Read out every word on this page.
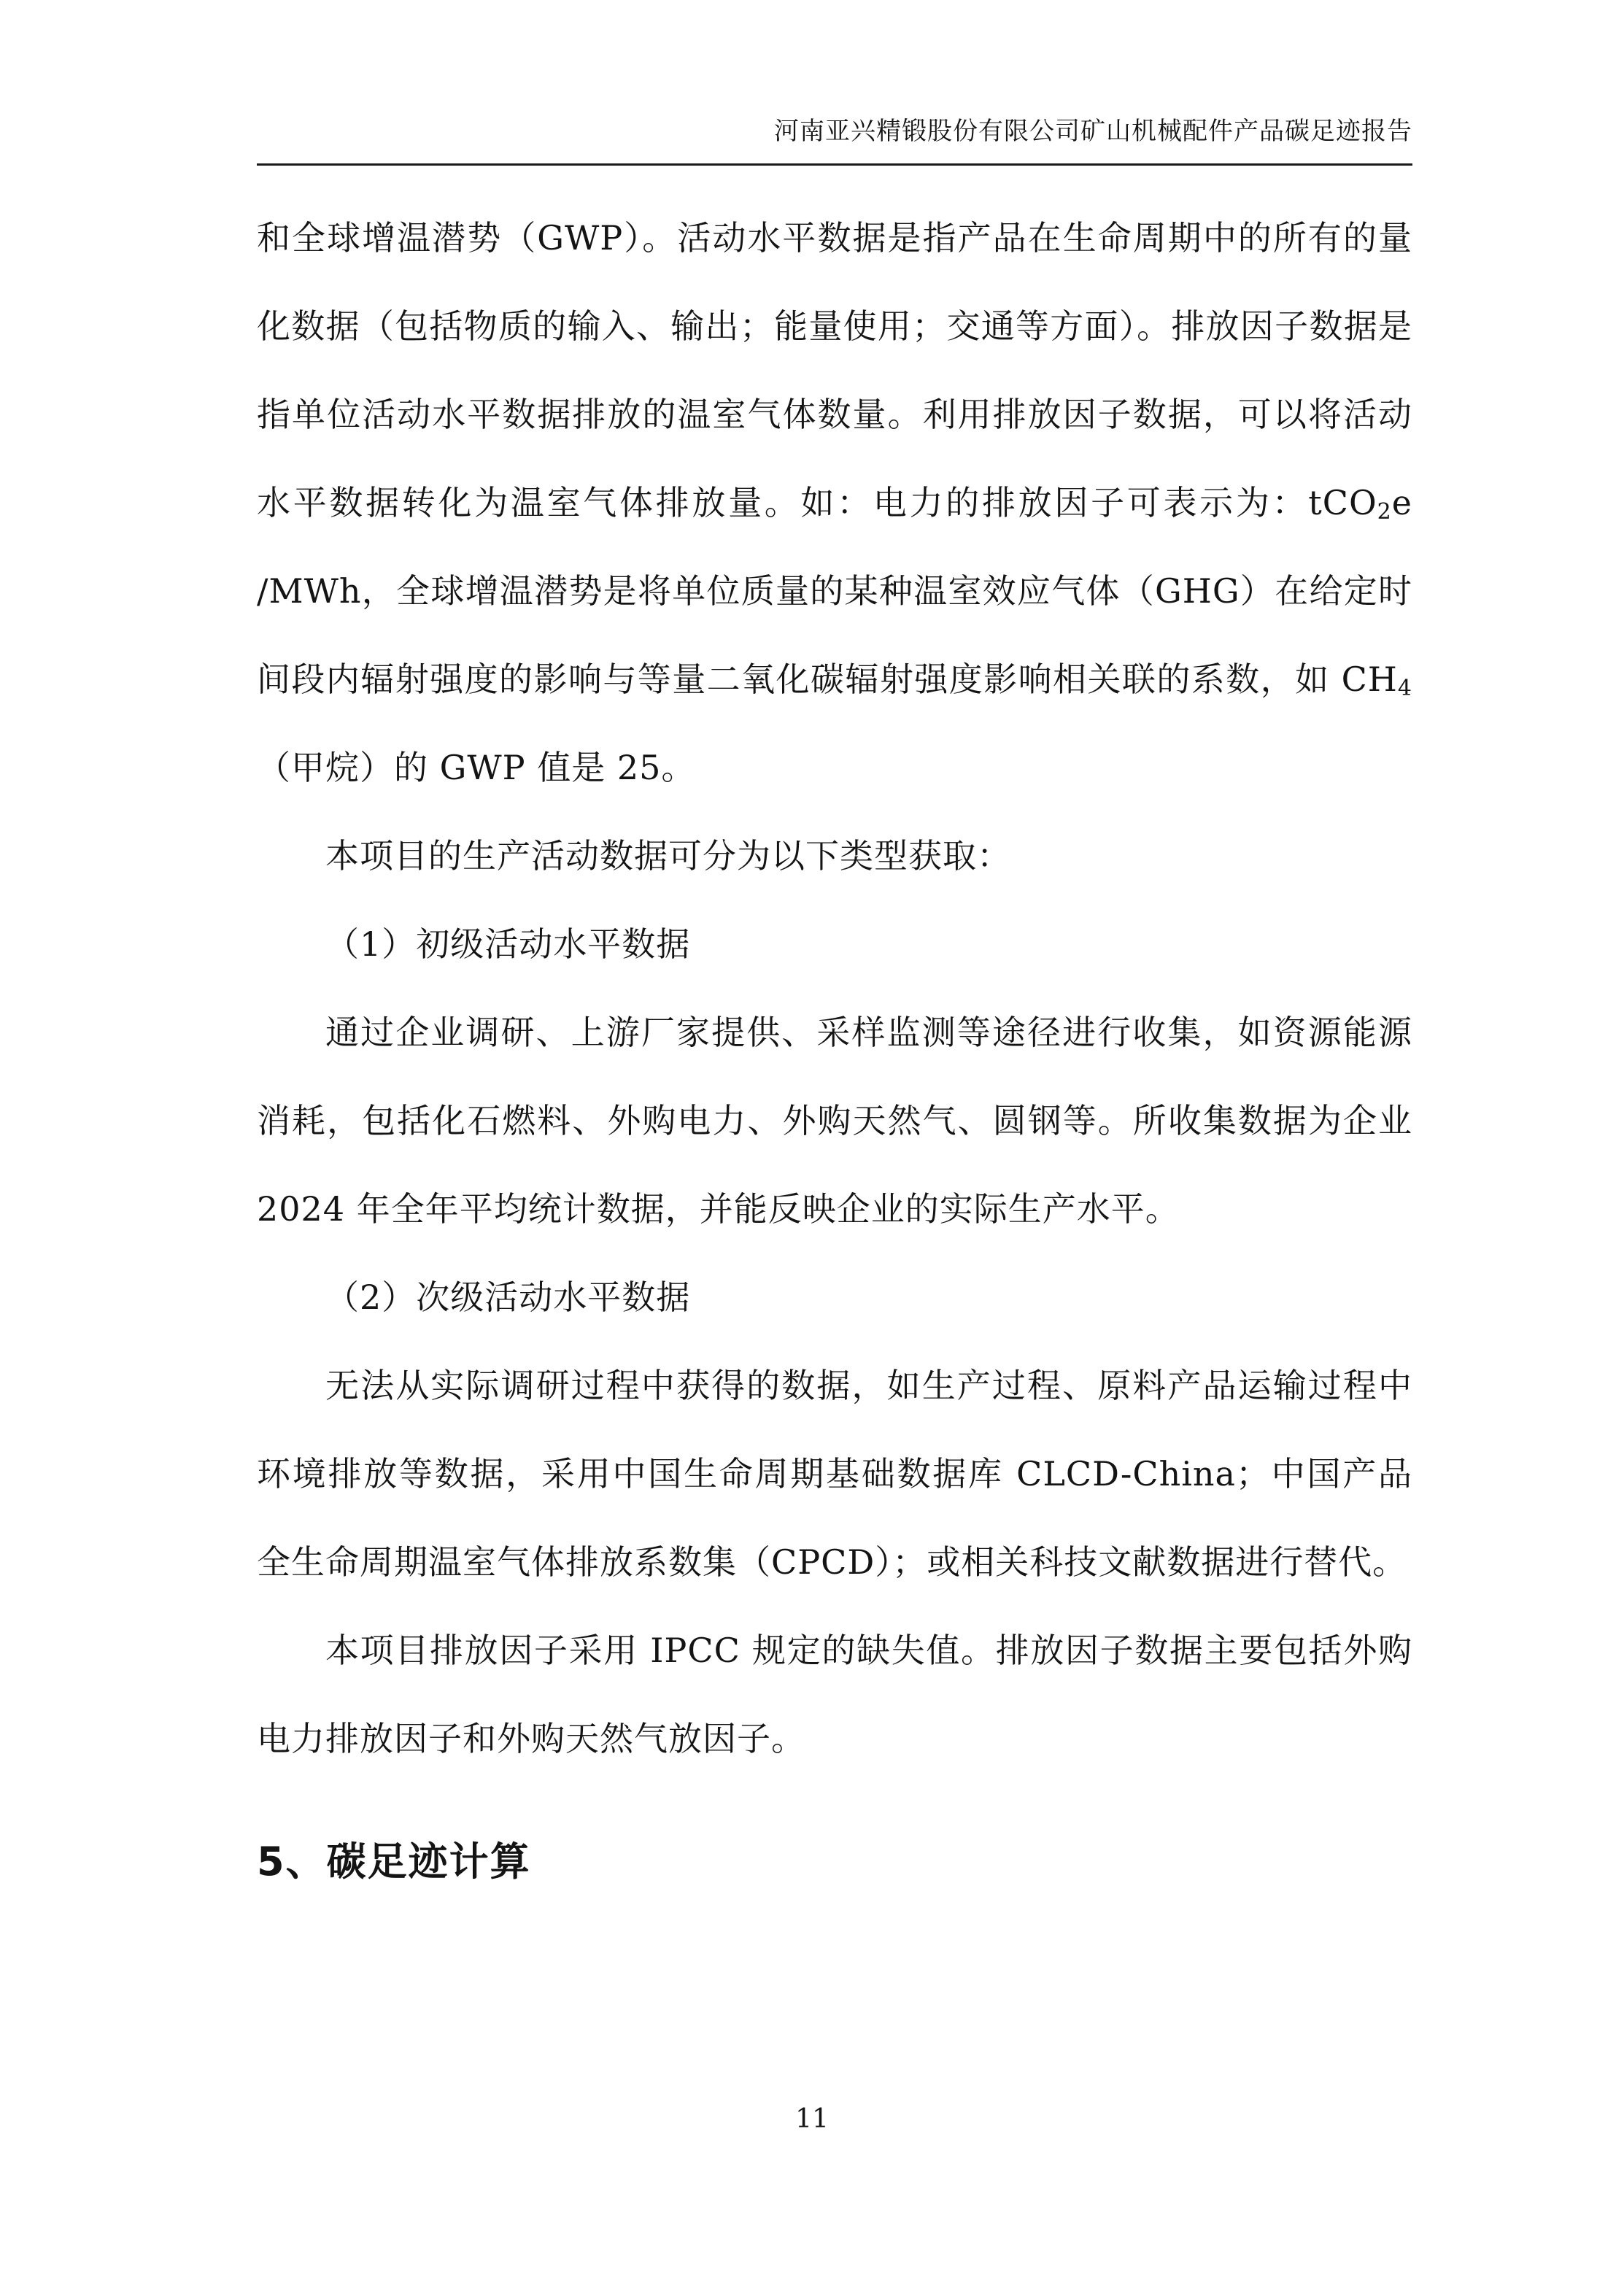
河南亚兴精锻股份有限公司矿山机械配件产品碳足迹报告

和全球增温潜势（GWP）。活动水平数据是指产品在生命周期中的所有的量化数据（包括物质的输入、输出；能量使用；交通等方面）。排放因子数据是指单位活动水平数据排放的温室气体数量。利用排放因子数据，可以将活动水平数据转化为温室气体排放量。如：电力的排放因子可表示为：tCO$_2$e /MWh，全球增温潜势是将单位质量的某种温室效应气体（GHG）在给定时间段内辐射强度的影响与等量二氧化碳辐射强度影响相关联的系数，如 $CH_4$（甲烷）的 GWP 值是 25。

本项目的生产活动数据可分为以下类型获取：

（1）初级活动水平数据

通过企业调研、上游厂家提供、采样监测等途径进行收集，如资源能源消耗，包括化石燃料、外购电力、外购天然气、圆钢等。所收集数据为企业 2024 年全年平均统计数据，并能反映企业的实际生产水平。

（2）次级活动水平数据

无法从实际调研过程中获得的数据，如生产过程、原料产品运输过程中环境排放等数据，采用中国生命周期基础数据库 CLCD-China；中国产品全生命周期温室气体排放系数集（CPCD）；或相关科技文献数据进行替代。

本项目排放因子采用 IPCC 规定的缺失值。排放因子数据主要包括外购电力排放因子和外购天然气放因子。

5、碳足迹计算
11
